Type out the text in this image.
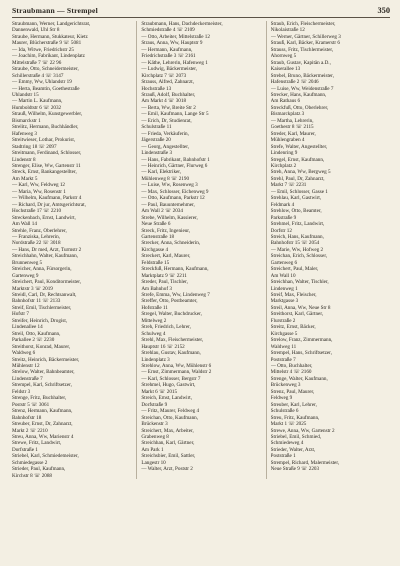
Straubmann — Strempel	350
Straubmann, Werner, Landgerichtsrat,
Dannenwald, Uhl Str 8
Straube, Hermann, Stukkateur, Kietz
Maurer, Blücherstraße 9 ☏ 5081
— Ida, Witwe, Friedrichstr 25
— Joachim, Fabrikant, Lindenplatz
Mittelstraße 7 ☏ 22 96
Straube, Otto, Schneidermeister,
Schillerstraße 4 ☏ 3147
— Emmy, Ww, Uhlandstr 19
— Herta, Beamtin, Goethestraße
Uhlandstr 15
— Martin L. Kaufmann,
Humboldtstr 6 ☏ 2032
Strauß, Wilhelm, Kunstgewerbler,
Bismarckstr 1
Strelitz, Hermann, Buchhändler,
Hafenweg 3
Streitwieser, Lothar, Prokurist,
Stadtring 18 ☏ 2097
Streitmann, Ferdinand, Schlosser,
Lindenstr 8
Strenger, Elise, Ww, Gartenstr 11
Streck, Ernst, Bankangestellter,
Am Markt 5
— Karl, Ww, Feldweg 12
— Maria, Ww, Rosenstr 1
— Wilhelm, Kaufmann, Parkstr 4
— Richard, Dr jur, Amtsgerichtsrat,
Hochstraße 17 ☏ 2210
Streckenbach, Ernst, Landwirt,
Am Wall 14
Strehle, Franz, Oberlehrer,
— Franziska, Lehrerin,
Nordstraße 22 ☏ 3018
— Hans, Dr med, Arzt, Turmstr 2
Streichhahn, Walter, Kaufmann,
Brunnenweg 5
Streicher, Anna, Fürsorgerin,
Gartenweg 9
Streichert, Paul, Konditormeister,
Marktstr 3 ☏ 2019
Streidl, Carl, Dr, Rechtsanwalt,
Bahnhofstr 11 ☏ 2133
Streif, Emil, Tischlermeister,
Hofstr 7
Streifer, Heinrich, Drogist,
Lindenallee 14
Streil, Otto, Kaufmann,
Parkallee 2 ☏ 2230
Streithorst, Konrad, Maurer,
Waldweg 6
Streitz, Heinrich, Bäckermeister,
Mühlenstr 12
Strelow, Walter, Bahnbeamter,
Lindenstraße 7
Strempel, Karl, Schriftsetzer,
Feldstr 3
Strenge, Fritz, Buchhalter,
Poststr 5 ☏ 3061
Strenz, Hermann, Kaufmann,
Bahnhofstr 18
Streuber, Ernst, Dr, Zahnarzt,
Markt 2 ☏ 2210
Streu, Anna, Ww, Marienstr 4
Strewe, Fritz, Landwirt,
Dorfstraße 1
Striebel, Karl, Schmiedemeister,
Schmiedegasse 2
Strieder, Paul, Kaufmann,
Kirchstr 8 ☏ 2088
Straubmann, Hans, Dachdeckermeister,
Schmiedstraße 4 ☏ 2109
— Otto, Arbeiter, Mittelstraße 12
Straus, Anna, Ww, Hauptstr 9
— Hermann, Kaufmann,
Friedrichstraße 3 ☏ 2161
— Käthe, Lehrerin, Hafenweg 1
— Ludwig, Bäckermeister,
Kirchplatz 7 ☏ 2073
Strauss, Alfred, Zahnarzt,
Hochstraße 13
Strauß, Adolf, Buchhalter,
Am Markt 4 ☏ 3018
— Berta, Ww, Breite Str 2
— Emil, Kaufmann, Lange Str 5
— Erich, Dr, Studienrat,
Schulstraße 11
— Frieda, Verkäuferin,
Jägerstraße 20
— Georg, Angestellter,
Lindenstraße 3
— Hans, Fabrikant, Bahnhofstr 1
— Heinrich, Gärtner, Flurweg 6
— Karl, Elektriker,
Mühlenweg 8 ☏ 2190
— Luise, Ww, Rosenweg 3
— Max, Schlosser, Eichenweg 9
— Otto, Kaufmann, Parkstr 12
— Paul, Bauunternehmer,
Am Wall 2 ☏ 2034
Strebe, Wilhelm, Kassierer,
Neue Straße 6
Streck, Fritz, Ingenieur,
Gartenstraße 18
Strecker, Anna, Schneiderin,
Kirchgasse 4
Streckert, Karl, Maurer,
Feldstraße 15
Streckfuß, Hermann, Kaufmann,
Marktplatz 9 ☏ 2211
Streder, Paul, Tischler,
Am Bahnhof 3
Strefe, Emma, Ww, Lindenweg 7
Streffer, Otto, Postbeamter,
Hofstraße 11
Stregel, Walter, Buchdrucker,
Mittelweg 2
Streh, Friedrich, Lehrer,
Schulweg 4
Strehl, Max, Fleischermeister,
Hauptstr 16 ☏ 2152
Strehlau, Gustav, Kaufmann,
Lindenplatz 3
Strehlow, Anna, Ww, Mühlenstr 6
— Ernst, Zimmermann, Waldstr 2
— Karl, Schlosser, Bergstr 7
Strehmel, Hugo, Gastwirt,
Markt 6 ☏ 2015
Streich, Ernst, Landwirt,
Dorfstraße 9
— Fritz, Maurer, Feldweg 4
Streichan, Otto, Kaufmann,
Brückenstr 3
Streichert, Max, Arbeiter,
Grabenweg 8
Streichhan, Karl, Gärtner,
Am Park 1
Streichsbier, Emil, Sattler,
Langestr 10
— Walter, Arzt, Poststr 2
Straub, Erich, Fleischermeister,
Nikolaistraße 12
— Werner, Gärtner, Schillerweg 3
Strauß, Karl, Bäcker, Kramerstr 6
Strauss, Fritz, Tischlermeister,
Ahornweg 5
Straub, Gustav, Kapitän a.D.,
Kaiserallee 13
Strebel, Bruno, Bäckermeister,
Hafenstraße 2 ☏ 2046
— Luise, Ww, Weidenstraße 7
Strecker, Hans, Kaufmann,
Am Rathaus 6
Streckfuß, Otto, Oberlehrer,
Bismarckplatz 3
— Martha, Lehrerin,
Goethestr 8 ☏ 2115
Streder, Karl, Maurer,
Mühlengraben 4
Strefe, Walter, Angestellter,
Lindenring 9
Stregel, Ernst, Kaufmann,
Kirchplatz 2
Streh, Anna, Ww, Bergweg 5
Strehl, Paul, Dr, Zahnarzt,
Markt 7 ☏ 2231
— Emil, Schlosser, Gasse 1
Strehlau, Karl, Gastwirt,
Feldmark 4
Strehlow, Otto, Beamter,
Parkstraße 9
Strehmel, Fritz, Landwirt,
Dorfstr 12
Streich, Hans, Kaufmann,
Bahnhofstr 15 ☏ 2054
— Marie, Ww, Hofweg 2
Streichan, Erich, Schlosser,
Gartenweg 6
Streichert, Paul, Maler,
Am Wall 10
Streichhan, Walter, Tischler,
Lindenweg 1
Streif, Max, Fleischer,
Marktgasse 3
Streil, Anna, Ww, Neue Str 8
Streithorst, Karl, Gärtner,
Flurstraße 2
Streitz, Ernst, Bäcker,
Kirchgasse 5
Strelow, Franz, Zimmermann,
Waldweg 11
Strempel, Hans, Schriftsetzer,
Poststraße 7
— Otto, Buchhalter,
Mittelstr 4 ☏ 2160
Strenge, Walter, Kaufmann,
Brückenweg 3
Strenz, Paul, Maurer,
Feldweg 9
Streuber, Karl, Lehrer,
Schulstraße 6
Streu, Fritz, Kaufmann,
Markt 1 ☏ 2025
Strewe, Anna, Ww, Gartenstr 2
Striebel, Emil, Schmied,
Schmiedeweg 4
Strieder, Walter, Arzt,
Poststraße 1
Strempel, Richard, Malermeister,
Neue Straße 9 ☏ 2203
